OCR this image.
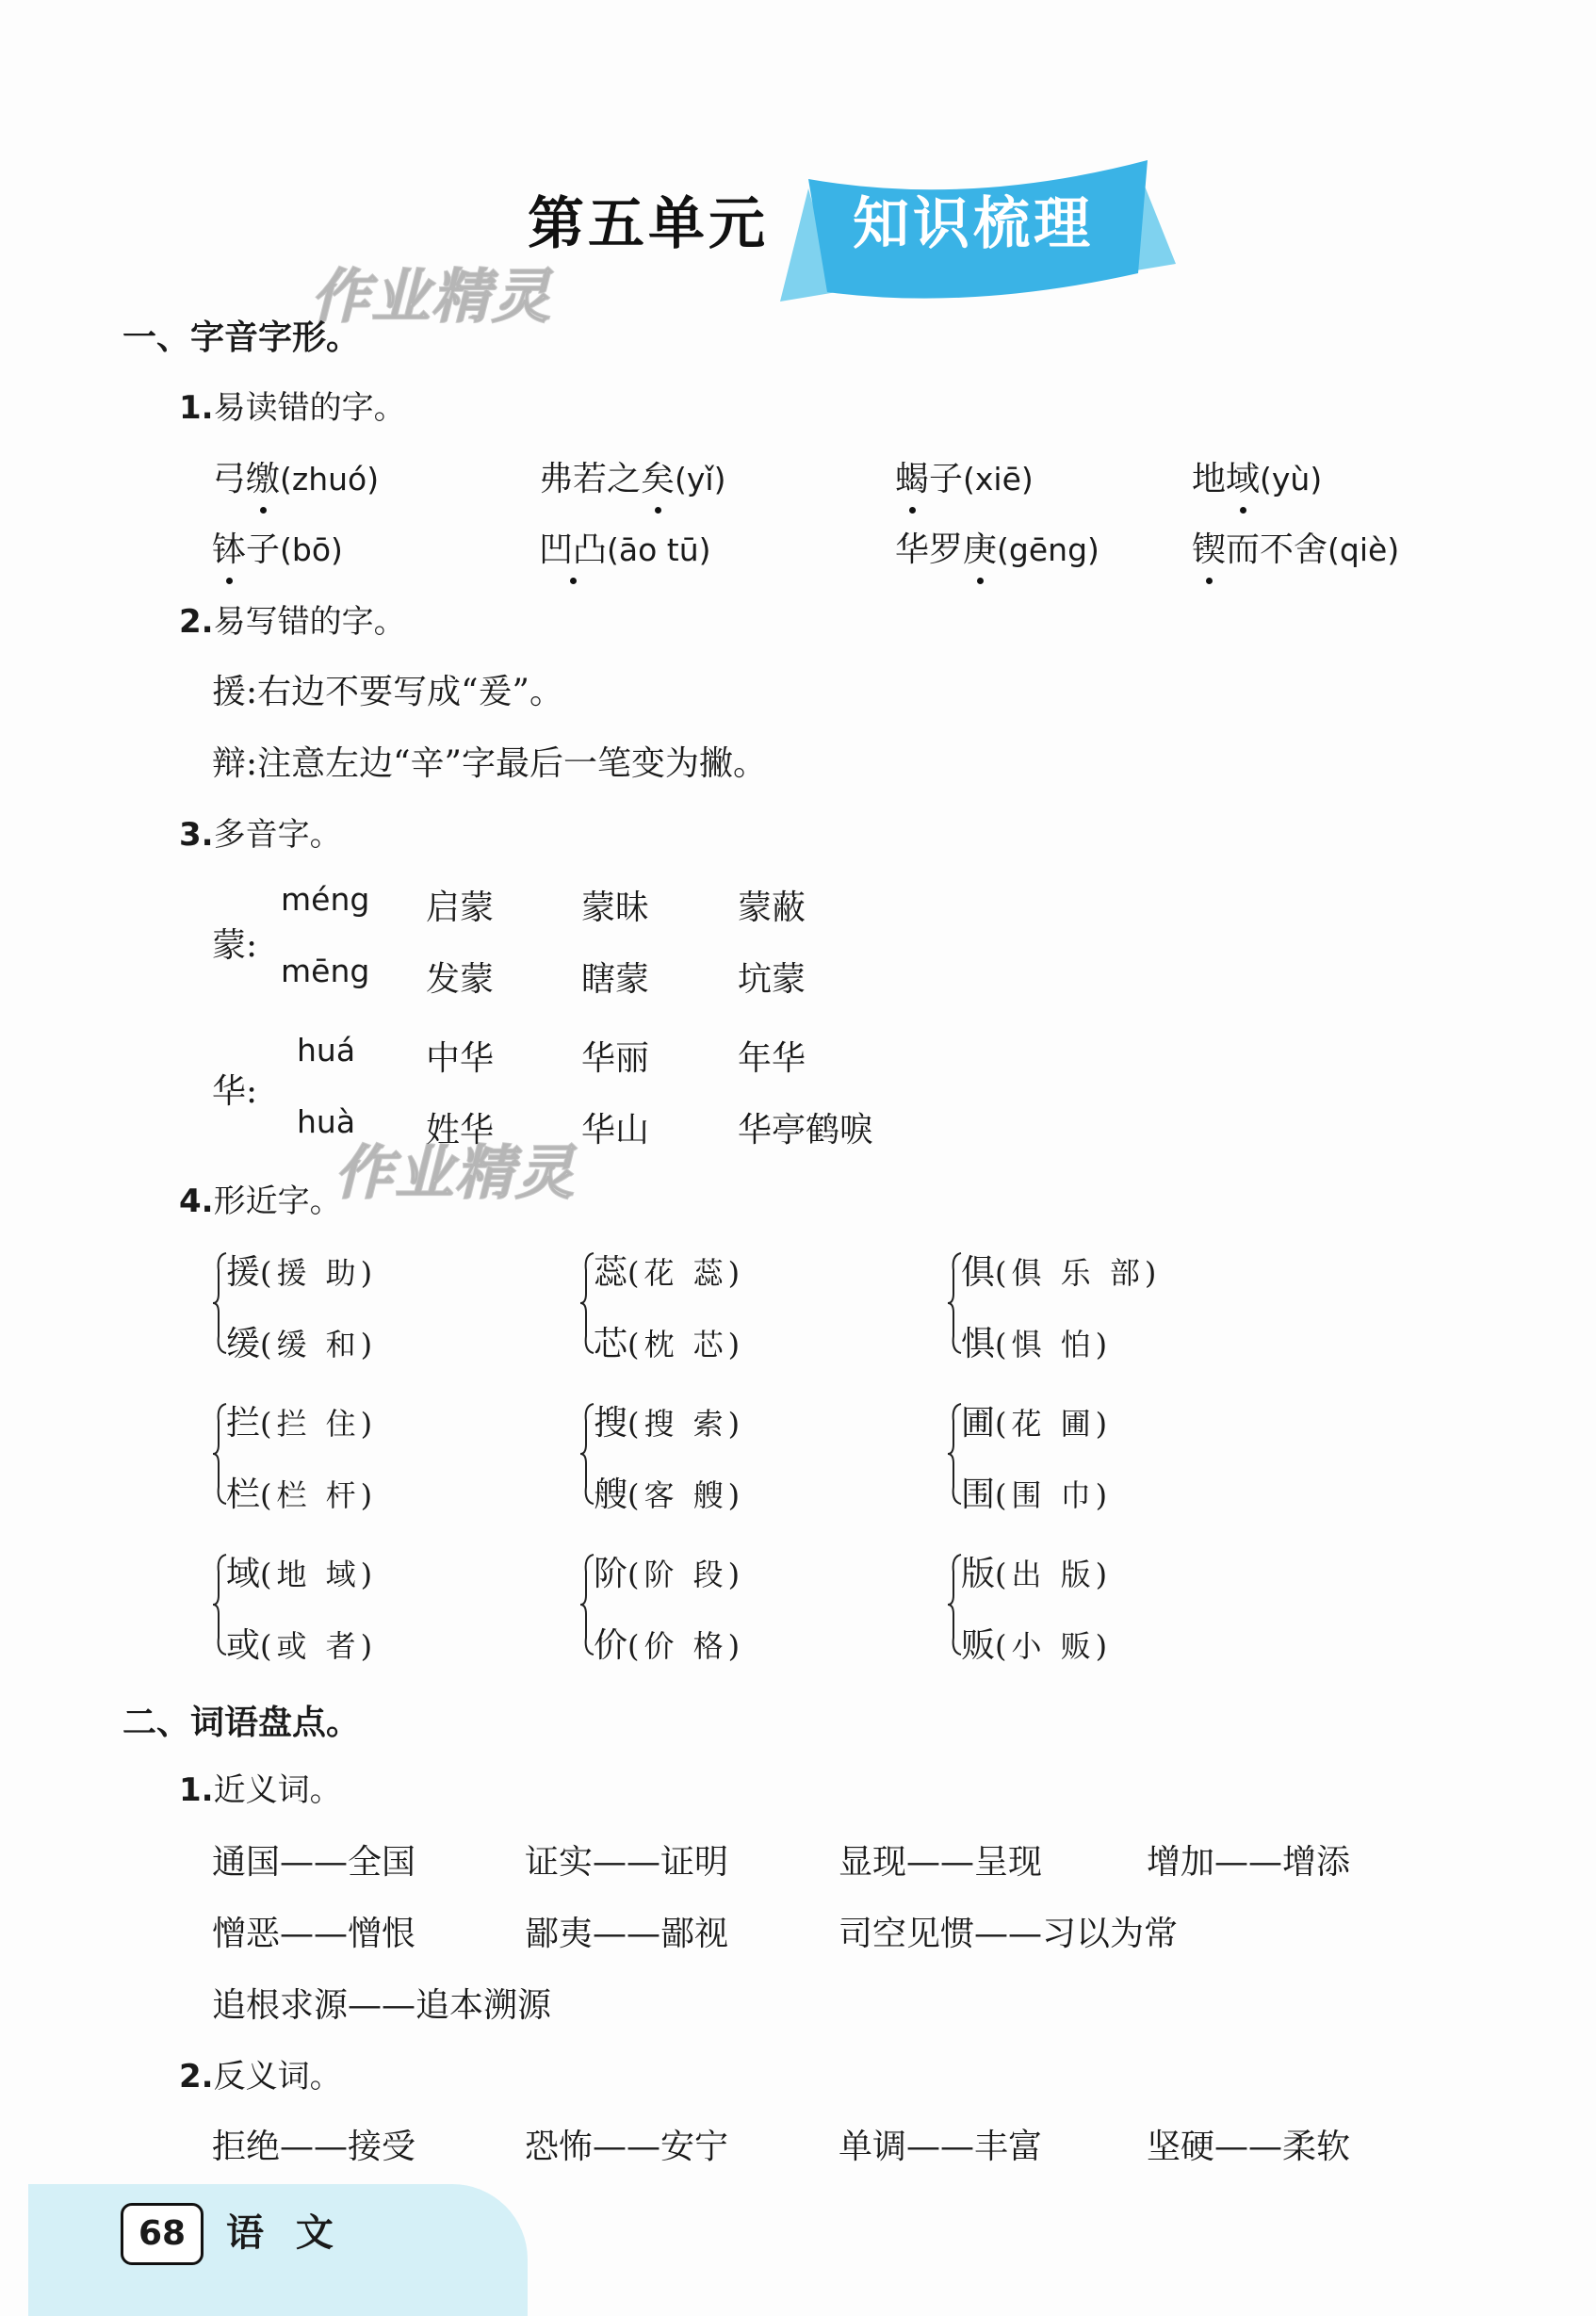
第五单元 知识梳理
作业精灵
作业精灵
一、字音字形。
1.易读错的字。
弓缴(zhuó)	弗若之矣(yǐ)	蝎子(xiē)	地域(yù)
钵子(bō)	凹凸(āo tū)	华罗庚(gēng)	锲而不舍(qiè)
2.易写错的字。
援:右边不要写成“爰”。
辩:注意左边“辛”字最后一笔变为撇。
3.多音字。
蒙:
méng 启蒙	蒙昧	蒙蔽
mēng 发蒙	瞎蒙	坑蒙
华:
huá 中华	华丽	年华
huà 姓华	华山	华亭鹤唳
4.形近字。
援(援 助)
缓(缓 和)
蕊(花 蕊)
芯(枕 芯)
俱(俱 乐 部)
惧(惧 怕)
拦(拦 住)
栏(栏 杆)
搜(搜 索)
艘(客 艘)
圃(花 圃)
围(围 巾)
域(地 域)
或(或 者)
阶(阶 段)
价(价 格)
版(出 版)
贩(小 贩)
二、词语盘点。
1.近义词。
通国——全国	证实——证明	显现——呈现	增加——增添
憎恶——憎恨	鄙夷——鄙视	司空见惯——习以为常
追根求源——追本溯源
2.反义词。
拒绝——接受	恐怖——安宁	单调——丰富	坚硬——柔软
68	语 文
